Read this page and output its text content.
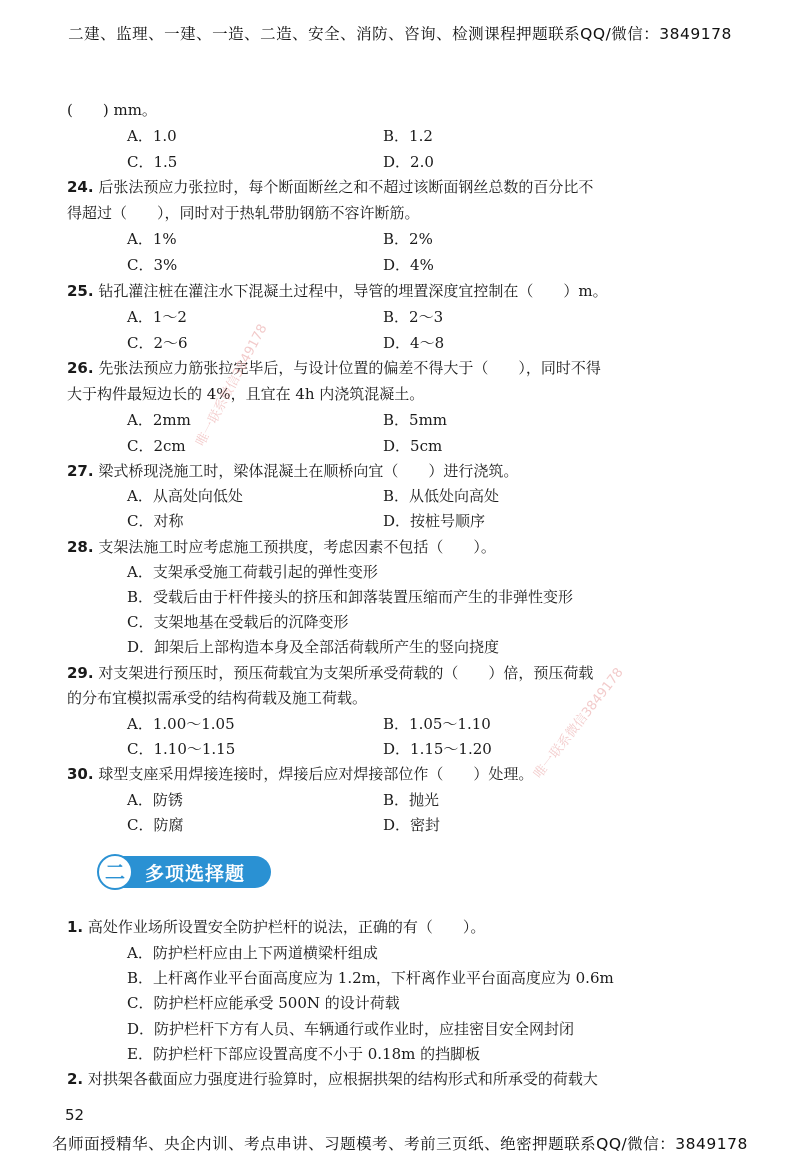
二建、监理、一建、一造、二造、安全、消防、咨询、检测课程押题联系QQ/微信：3849178
(　　) mm。
A．1.0	B．1.2
C．1.5	D．2.0
24. 后张法预应力张拉时，每个断面断丝之和不超过该断面钢丝总数的百分比不
得超过（　　），同时对于热轧带肋钢筋不容许断筋。
A．1%	B．2%
C．3%	D．4%
25. 钻孔灌注桩在灌注水下混凝土过程中，导管的埋置深度宜控制在（　　）m。
A．1～2	B．2～3
C．2～6	D．4～8
26. 先张法预应力筋张拉完毕后，与设计位置的偏差不得大于（　　），同时不得
大于构件最短边长的 4%，且宜在 4h 内浇筑混凝土。
A．2mm	B．5mm
C．2cm	D．5cm
27. 梁式桥现浇施工时，梁体混凝土在顺桥向宜（　　）进行浇筑。
A．从高处向低处	B．从低处向高处
C．对称	D．按桩号顺序
28. 支架法施工时应考虑施工预拱度，考虑因素不包括（　　）。
A．支架承受施工荷载引起的弹性变形
B．受载后由于杆件接头的挤压和卸落装置压缩而产生的非弹性变形
C．支架地基在受载后的沉降变形
D．卸架后上部构造本身及全部活荷载所产生的竖向挠度
29. 对支架进行预压时，预压荷载宜为支架所承受荷载的（　　）倍，预压荷载
的分布宜模拟需承受的结构荷载及施工荷载。
A．1.00～1.05	B．1.05～1.10
C．1.10～1.15	D．1.15～1.20
30. 球型支座采用焊接连接时，焊接后应对焊接部位作（　　）处理。
A．防锈	B．抛光
C．防腐	D．密封
二	多项选择题
1. 高处作业场所设置安全防护栏杆的说法，正确的有（　　）。
A．防护栏杆应由上下两道横梁杆组成
B．上杆离作业平台面高度应为 1.2m，下杆离作业平台面高度应为 0.6m
C．防护栏杆应能承受 500N 的设计荷载
D．防护栏杆下方有人员、车辆通行或作业时，应挂密目安全网封闭
E．防护栏杆下部应设置高度不小于 0.18m 的挡脚板
2. 对拱架各截面应力强度进行验算时，应根据拱架的结构形式和所承受的荷载大
52
名师面授精华、央企内训、考点串讲、习题模考、考前三页纸、绝密押题联系QQ/微信：3849178
唯一联系微信3849178
唯一联系微信3849178
